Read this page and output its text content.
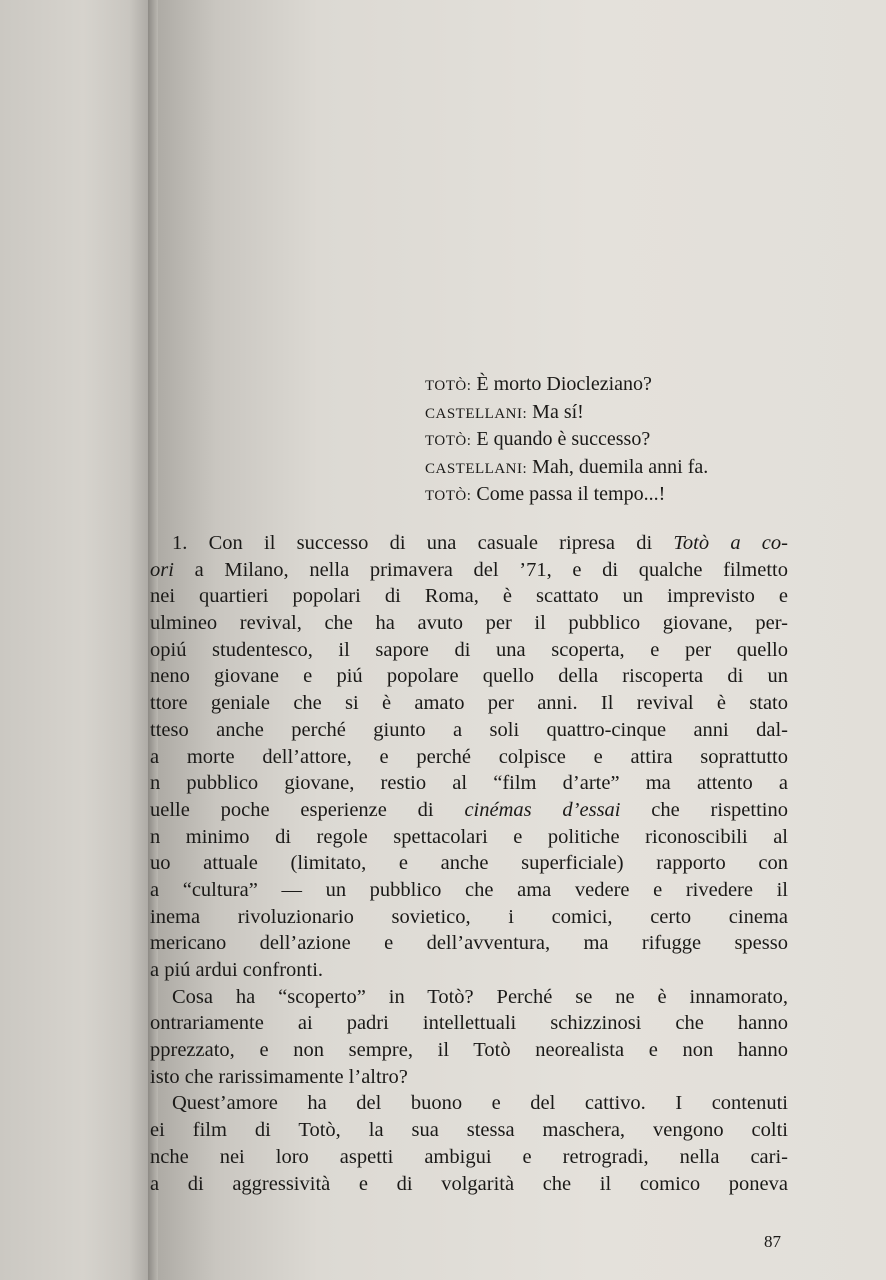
TOTÒ: È morto Diocleziano?
CASTELLANI: Ma sí!
TOTÒ: E quando è successo?
CASTELLANI: Mah, duemila anni fa.
TOTÒ: Come passa il tempo...!
1. Con il successo di una casuale ripresa di Totò a co-
ori a Milano, nella primavera del ’71, e di qualche filmetto
nei quartieri popolari di Roma, è scattato un imprevisto e
ulmineo revival, che ha avuto per il pubblico giovane, per-
opiú studentesco, il sapore di una scoperta, e per quello
neno giovane e piú popolare quello della riscoperta di un
ttore geniale che si è amato per anni. Il revival è stato
tteso anche perché giunto a soli quattro-cinque anni dal-
a morte dell’attore, e perché colpisce e attira soprattutto
n pubblico giovane, restio al “film d’arte” ma attento a
uelle poche esperienze di cinémas d’essai che rispettino
n minimo di regole spettacolari e politiche riconoscibili al
uo attuale (limitato, e anche superficiale) rapporto con
a “cultura” — un pubblico che ama vedere e rivedere il
inema rivoluzionario sovietico, i comici, certo cinema
mericano dell’azione e dell’avventura, ma rifugge spesso
a piú ardui confronti.
Cosa ha “scoperto” in Totò? Perché se ne è innamorato,
ontrariamente ai padri intellettuali schizzinosi che hanno
pprezzato, e non sempre, il Totò neorealista e non hanno
isto che rarissimamente l’altro?
Quest’amore ha del buono e del cattivo. I contenuti
ei film di Totò, la sua stessa maschera, vengono colti
nche nei loro aspetti ambigui e retrogradi, nella cari-
a di aggressività e di volgarità che il comico poneva
87
